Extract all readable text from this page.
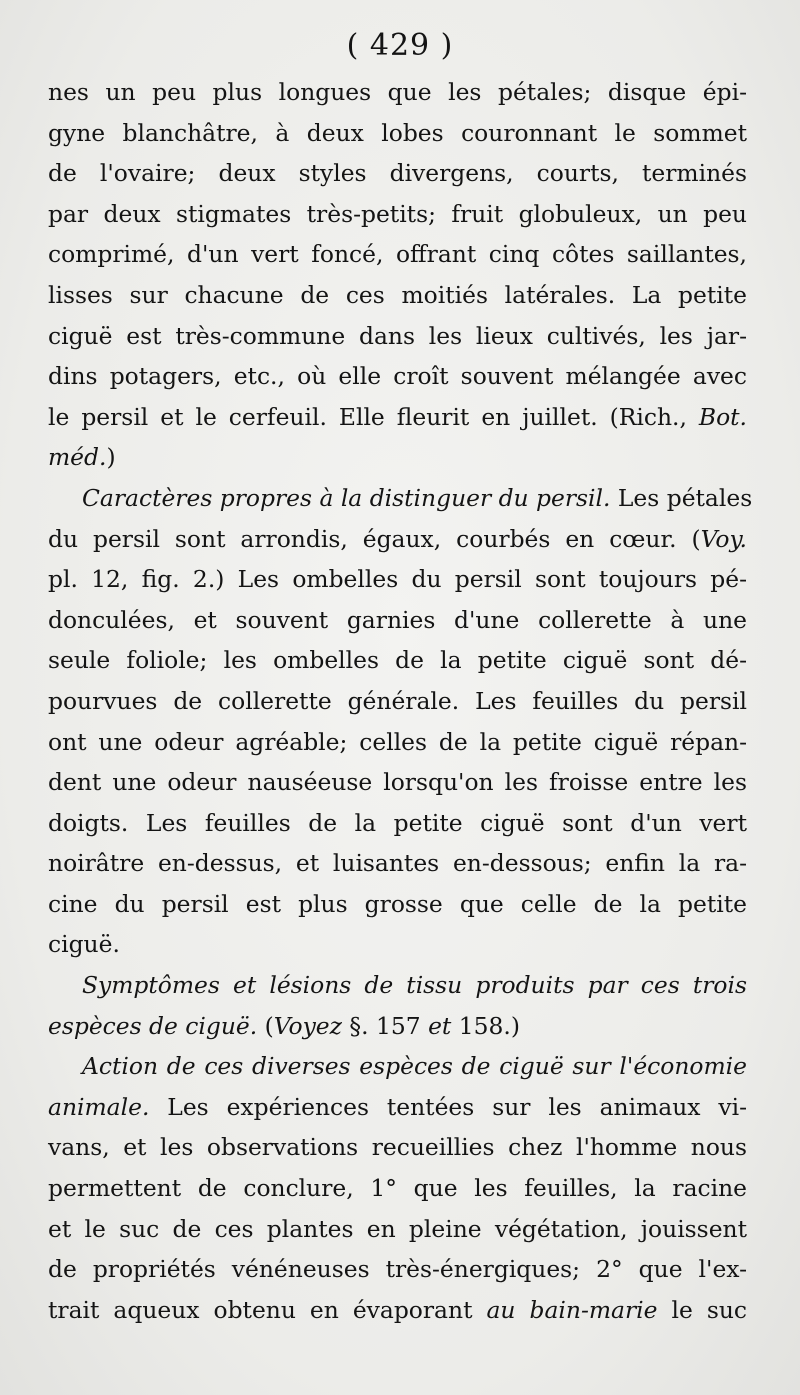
( 429 )
nes un peu plus longues que les pétales; disque épi-
gyne blanchâtre, à deux lobes couronnant le sommet
de l'ovaire; deux styles divergens, courts, terminés
par deux stigmates très-petits; fruit globuleux, un peu
comprimé, d'un vert foncé, offrant cinq côtes saillantes,
lisses sur chacune de ces moitiés latérales. La petite
ciguë est très-commune dans les lieux cultivés, les jar-
dins potagers, etc., où elle croît souvent mélangée avec
le persil et le cerfeuil. Elle fleurit en juillet. (Rich., Bot.
méd.)
Caractères propres à la distinguer du persil. Les pétales
du persil sont arrondis, égaux, courbés en cœur. (Voy.
pl. 12, fig. 2.) Les ombelles du persil sont toujours pé-
donculées, et souvent garnies d'une collerette à une
seule foliole; les ombelles de la petite ciguë sont dé-
pourvues de collerette générale. Les feuilles du persil
ont une odeur agréable; celles de la petite ciguë répan-
dent une odeur nauséeuse lorsqu'on les froisse entre les
doigts. Les feuilles de la petite ciguë sont d'un vert
noirâtre en-dessus, et luisantes en-dessous; enfin la ra-
cine du persil est plus grosse que celle de la petite
ciguë.
Symptômes et lésions de tissu produits par ces trois
espèces de ciguë. (Voyez §. 157 et 158.)
Action de ces diverses espèces de ciguë sur l'économie
animale. Les expériences tentées sur les animaux vi-
vans, et les observations recueillies chez l'homme nous
permettent de conclure, 1° que les feuilles, la racine
et le suc de ces plantes en pleine végétation, jouissent
de propriétés vénéneuses très-énergiques; 2° que l'ex-
trait aqueux obtenu en évaporant au bain-marie le suc
